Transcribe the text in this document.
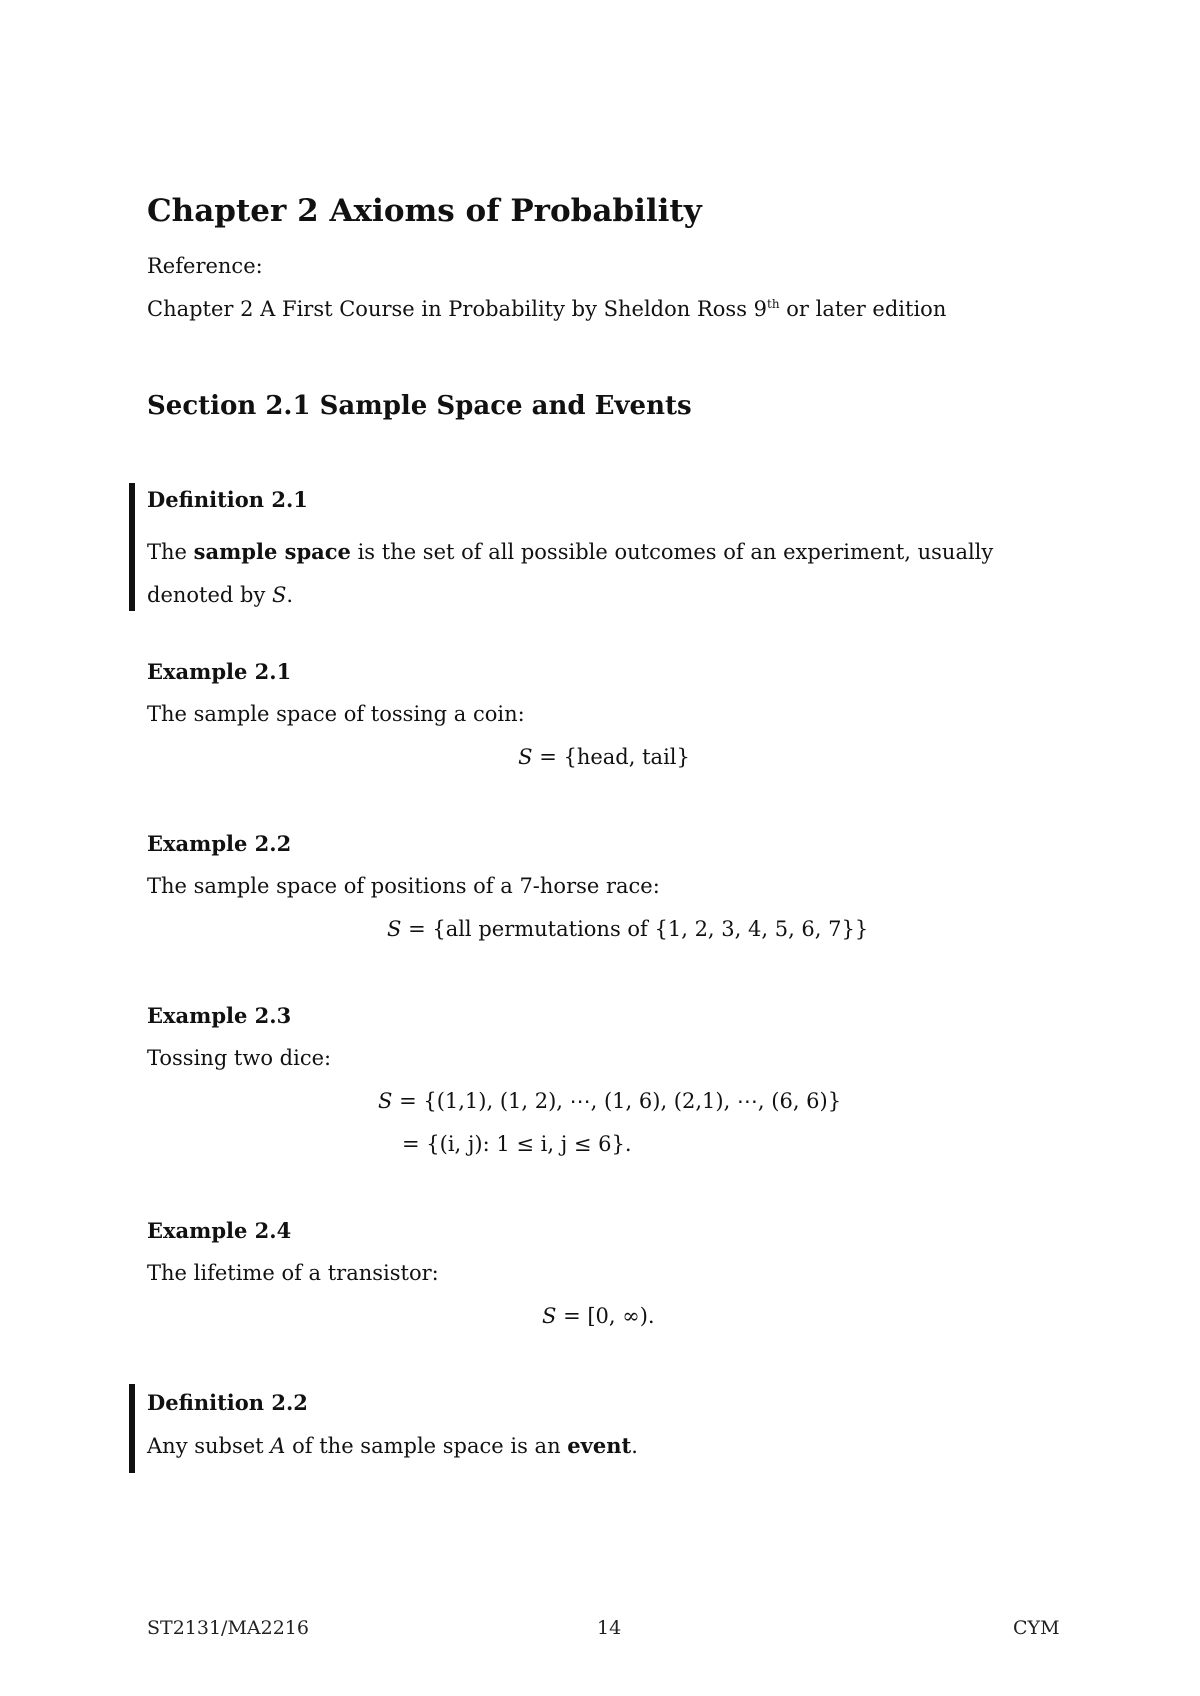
Chapter 2 Axioms of Probability
Reference:
Chapter 2 A First Course in Probability by Sheldon Ross 9th or later edition
Section 2.1 Sample Space and Events
Definition 2.1
The sample space is the set of all possible outcomes of an experiment, usually denoted by S.
Example 2.1
The sample space of tossing a coin:
S = {head, tail}
Example 2.2
The sample space of positions of a 7-horse race:
S = {all permutations of {1, 2, 3, 4, 5, 6, 7}}
Example 2.3
Tossing two dice:
S = {(1,1), (1, 2), ⋯, (1, 6), (2,1), ⋯, (6, 6)}
= {(i, j): 1 ≤ i, j ≤ 6}.
Example 2.4
The lifetime of a transistor:
S = [0, ∞).
Definition 2.2
Any subset A of the sample space is an event.
ST2131/MA2216	14	CYM
